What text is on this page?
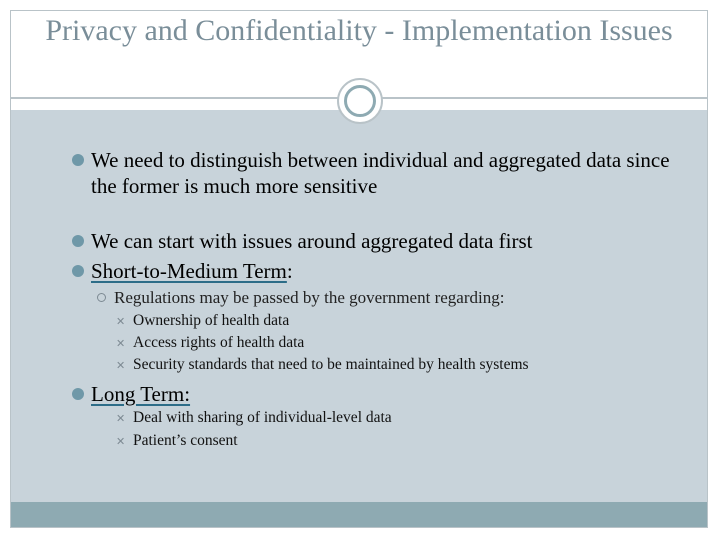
Privacy and Confidentiality - Implementation Issues
We need to distinguish between individual and aggregated data since the former is much more sensitive
We can start with issues around aggregated data first
Short-to-Medium Term:
Regulations may be passed by the government regarding:
✕ Ownership of health data
✕ Access rights of health data
✕ Security standards that need to be maintained by health systems
Long Term:
✕ Deal with sharing of individual-level data
✕ Patient’s consent
